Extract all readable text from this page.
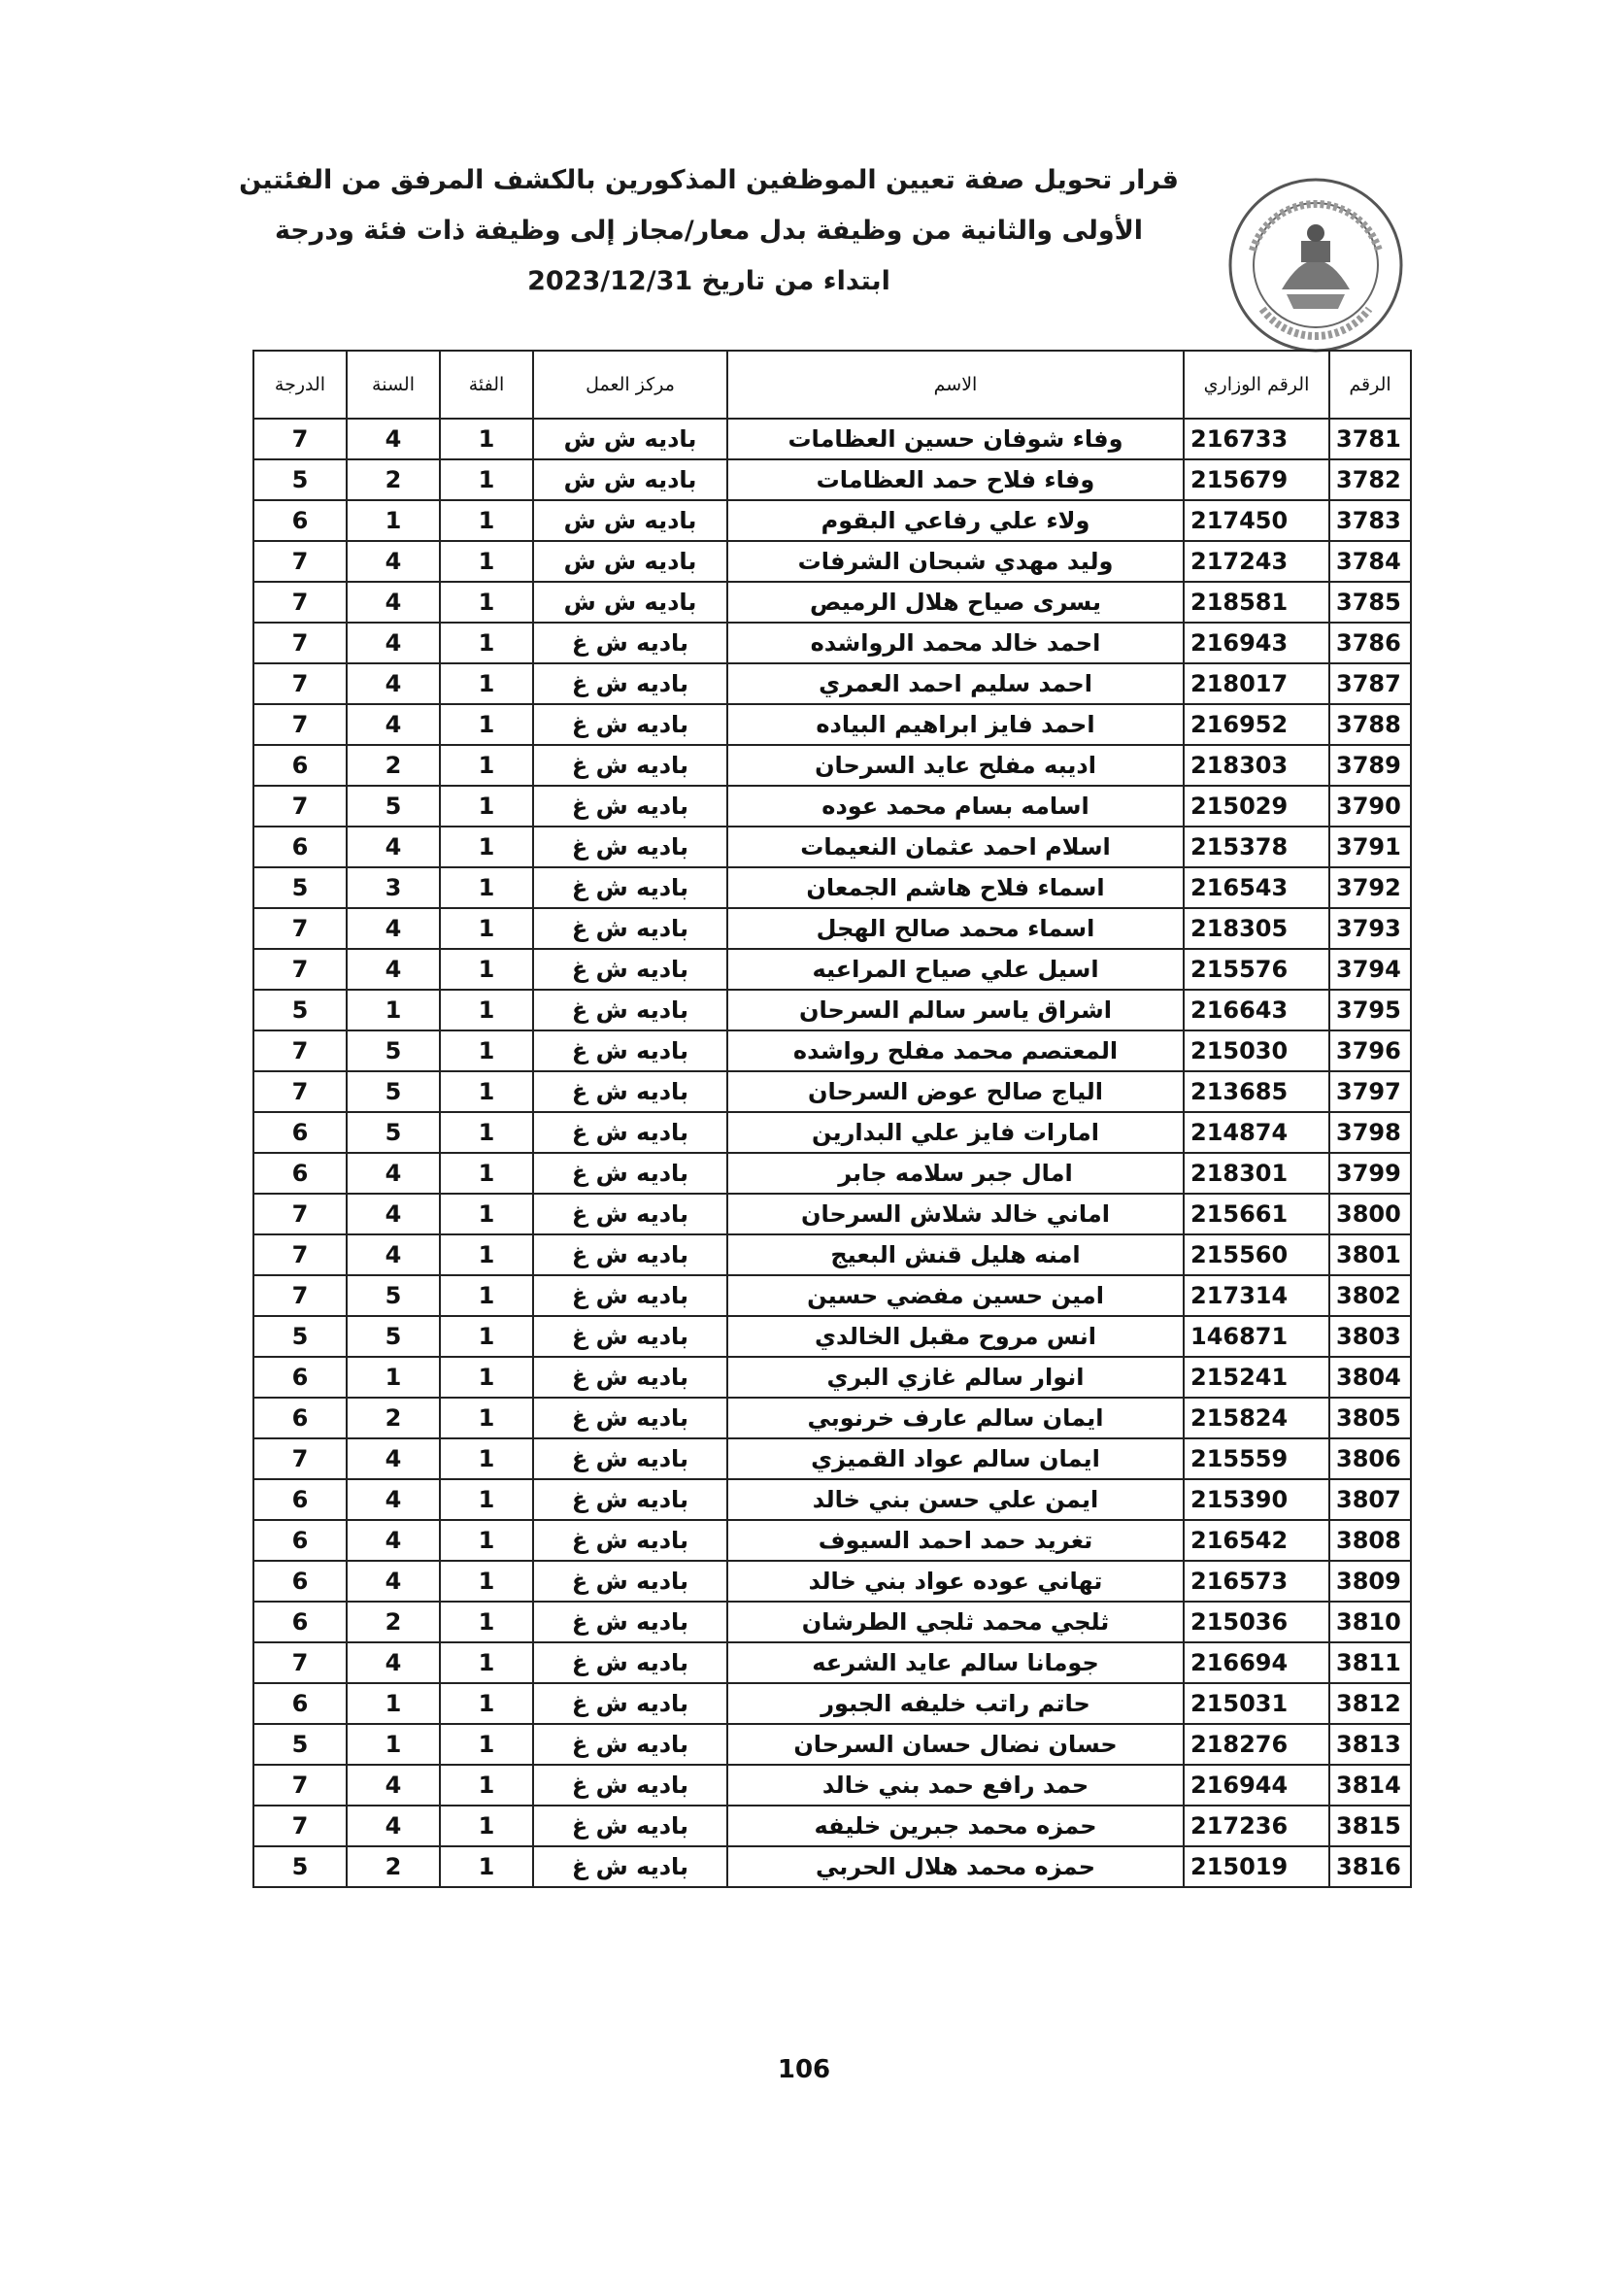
قرار تحويل صفة تعيين الموظفين المذكورين بالكشف المرفق من الفئتين
الأولى والثانية من وظيفة بدل معار/مجاز إلى وظيفة ذات فئة ودرجة
ابتداء من تاريخ 2023/12/31
الرقم	الرقم الوزاري	الاسم	مركز العمل	الفئة	السنة	الدرجة
3781	216733	وفاء شوفان حسين العظامات	باديه ش ش	1	4	7
3782	215679	وفاء فلاح حمد العظامات	باديه ش ش	1	2	5
3783	217450	ولاء علي رفاعي البقوم	باديه ش ش	1	1	6
3784	217243	وليد مهدي شبحان الشرفات	باديه ش ش	1	4	7
3785	218581	يسرى صياح هلال الرميص	باديه ش ش	1	4	7
3786	216943	احمد خالد محمد الرواشده	باديه ش غ	1	4	7
3787	218017	احمد سليم احمد العمري	باديه ش غ	1	4	7
3788	216952	احمد فايز ابراهيم البياده	باديه ش غ	1	4	7
3789	218303	اديبه مفلح عايد السرحان	باديه ش غ	1	2	6
3790	215029	اسامه بسام محمد عوده	باديه ش غ	1	5	7
3791	215378	اسلام احمد عثمان النعيمات	باديه ش غ	1	4	6
3792	216543	اسماء فلاح هاشم الجمعان	باديه ش غ	1	3	5
3793	218305	اسماء محمد صالح الهجل	باديه ش غ	1	4	7
3794	215576	اسيل علي صياح المراعيه	باديه ش غ	1	4	7
3795	216643	اشراق ياسر سالم السرحان	باديه ش غ	1	1	5
3796	215030	المعتصم محمد مفلح رواشده	باديه ش غ	1	5	7
3797	213685	الياج صالح عوض السرحان	باديه ش غ	1	5	7
3798	214874	امارات فايز علي البدارين	باديه ش غ	1	5	6
3799	218301	امال جبر سلامه جابر	باديه ش غ	1	4	6
3800	215661	اماني خالد شلاش السرحان	باديه ش غ	1	4	7
3801	215560	امنه هليل قنش البعيج	باديه ش غ	1	4	7
3802	217314	امين حسين مفضي حسين	باديه ش غ	1	5	7
3803	146871	انس مروح مقبل الخالدي	باديه ش غ	1	5	5
3804	215241	انوار سالم غازي البري	باديه ش غ	1	1	6
3805	215824	ايمان سالم عارف خرنوبي	باديه ش غ	1	2	6
3806	215559	ايمان سالم عواد القميزي	باديه ش غ	1	4	7
3807	215390	ايمن علي حسن بني خالد	باديه ش غ	1	4	6
3808	216542	تغريد حمد احمد السيوف	باديه ش غ	1	4	6
3809	216573	تهاني عوده عواد بني خالد	باديه ش غ	1	4	6
3810	215036	ثلجي محمد ثلجي الطرشان	باديه ش غ	1	2	6
3811	216694	جومانا سالم عايد الشرعه	باديه ش غ	1	4	7
3812	215031	حاتم راتب خليفه الجبور	باديه ش غ	1	1	6
3813	218276	حسان نضال حسان السرحان	باديه ش غ	1	1	5
3814	216944	حمد رافع حمد بني خالد	باديه ش غ	1	4	7
3815	217236	حمزه محمد جبرين خليفه	باديه ش غ	1	4	7
3816	215019	حمزه محمد هلال الحربي	باديه ش غ	1	2	5
106
